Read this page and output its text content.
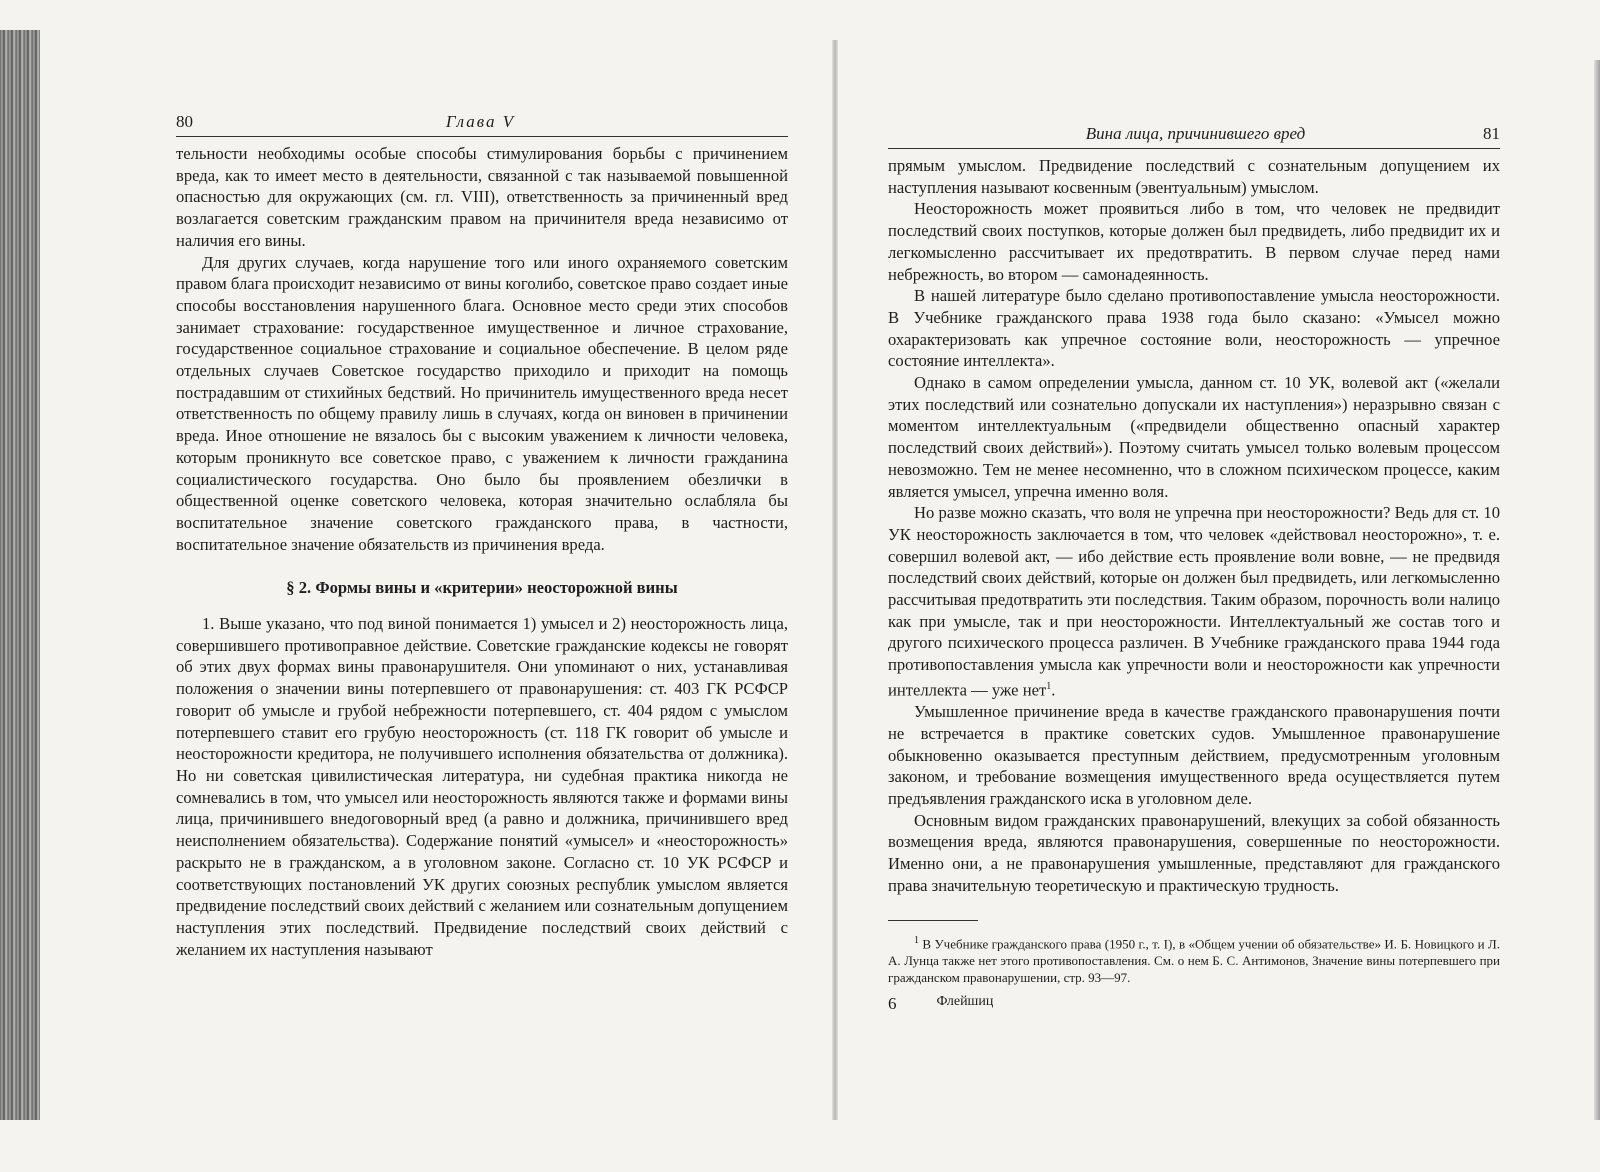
80	Глава V

тельности необходимы особые способы стимулирования борьбы с причинением вреда, как то имеет место в деятельности, связанной с так называемой повышенной опасностью для окружающих (см. гл. VIII), ответственность за причиненный вред возлагается советским гражданским правом на причинителя вреда независимо от наличия его вины.

Для других случаев, когда нарушение того или иного охраняемого советским правом блага происходит независимо от вины коголибо, советское право создает иные способы восстановления нарушенного блага. Основное место среди этих способов занимает страхование: государственное имущественное и личное страхование, государственное социальное страхование и социальное обеспечение. В целом ряде отдельных случаев Советское государство приходило и приходит на помощь пострадавшим от стихийных бедствий. Но причинитель имущественного вреда несет ответственность по общему правилу лишь в случаях, когда он виновен в причинении вреда. Иное отношение не вязалось бы с высоким уважением к личности человека, которым проникнуто все советское право, с уважением к личности гражданина социалистического государства. Оно было бы проявлением обезлички в общественной оценке советского человека, которая значительно ослабляла бы воспитательное значение советского гражданского права, в частности, воспитательное значение обязательств из причинения вреда.

§ 2. Формы вины и «критерии» неосторожной вины

1. Выше указано, что под виной понимается 1) умысел и 2) неосторожность лица, совершившего противоправное действие. Советские гражданские кодексы не говорят об этих двух формах вины правонарушителя. Они упоминают о них, устанавливая положения о значении вины потерпевшего от правонарушения: ст. 403 ГК РСФСР говорит об умысле и грубой небрежности потерпевшего, ст. 404 рядом с умыслом потерпевшего ставит его грубую неосторожность (ст. 118 ГК говорит об умысле и неосторожности кредитора, не получившего исполнения обязательства от должника). Но ни советская цивилистическая литература, ни судебная практика никогда не сомневались в том, что умысел или неосторожность являются также и формами вины лица, причинившего внедоговорный вред (а равно и должника, причинившего вред неисполнением обязательства). Содержание понятий «умысел» и «неосторожность» раскрыто не в гражданском, а в уголовном законе. Согласно ст. 10 УК РСФСР и соответствующих постановлений УК других союзных республик умыслом является предвидение последствий своих действий с желанием или сознательным допущением наступления этих последствий. Предвидение последствий своих действий с желанием их наступления называют

Вина лица, причинившего вред	81

прямым умыслом. Предвидение последствий с сознательным допущением их наступления называют косвенным (эвентуальным) умыслом.

Неосторожность может проявиться либо в том, что человек не предвидит последствий своих поступков, которые должен был предвидеть, либо предвидит их и легкомысленно рассчитывает их предотвратить. В первом случае перед нами небрежность, во втором — самонадеянность.

В нашей литературе было сделано противопоставление умысла неосторожности. В Учебнике гражданского права 1938 года было сказано: «Умысел можно охарактеризовать как упречное состояние воли, неосторожность — упречное состояние интеллекта».

Однако в самом определении умысла, данном ст. 10 УК, волевой акт («желали этих последствий или сознательно допускали их наступления») неразрывно связан с моментом интеллектуальным («предвидели общественно опасный характер последствий своих действий»). Поэтому считать умысел только волевым процессом невозможно. Тем не менее несомненно, что в сложном психическом процессе, каким является умысел, упречна именно воля.

Но разве можно сказать, что воля не упречна при неосторожности? Ведь для ст. 10 УК неосторожность заключается в том, что человек «действовал неосторожно», т. е. совершил волевой акт, — ибо действие есть проявление воли вовне, — не предвидя последствий своих действий, которые он должен был предвидеть, или легкомысленно рассчитывая предотвратить эти последствия. Таким образом, порочность воли налицо как при умысле, так и при неосторожности. Интеллектуальный же состав того и другого психического процесса различен. В Учебнике гражданского права 1944 года противопоставления умысла как упречности воли и неосторожности как упречности интеллекта — уже нет$^1$.

Умышленное причинение вреда в качестве гражданского правонарушения почти не встречается в практике советских судов. Умышленное правонарушение обыкновенно оказывается преступным действием, предусмотренным уголовным законом, и требование возмещения имущественного вреда осуществляется путем предъявления гражданского иска в уголовном деле.

Основным видом гражданских правонарушений, влекущих за собой обязанность возмещения вреда, являются правонарушения, совершенные по неосторожности. Именно они, а не правонарушения умышленные, представляют для гражданского права значительную теоретическую и практическую трудность.

$^1$ В Учебнике гражданского права (1950 г., т. I), в «Общем учении об обязательстве» И. Б. Новицкого и Л. А. Лунца также нет этого противопоставления. См. о нем Б. С. Антимонов, Значение вины потерпевшего при гражданском правонарушении, стр. 93—97.

6	Флейшиц
